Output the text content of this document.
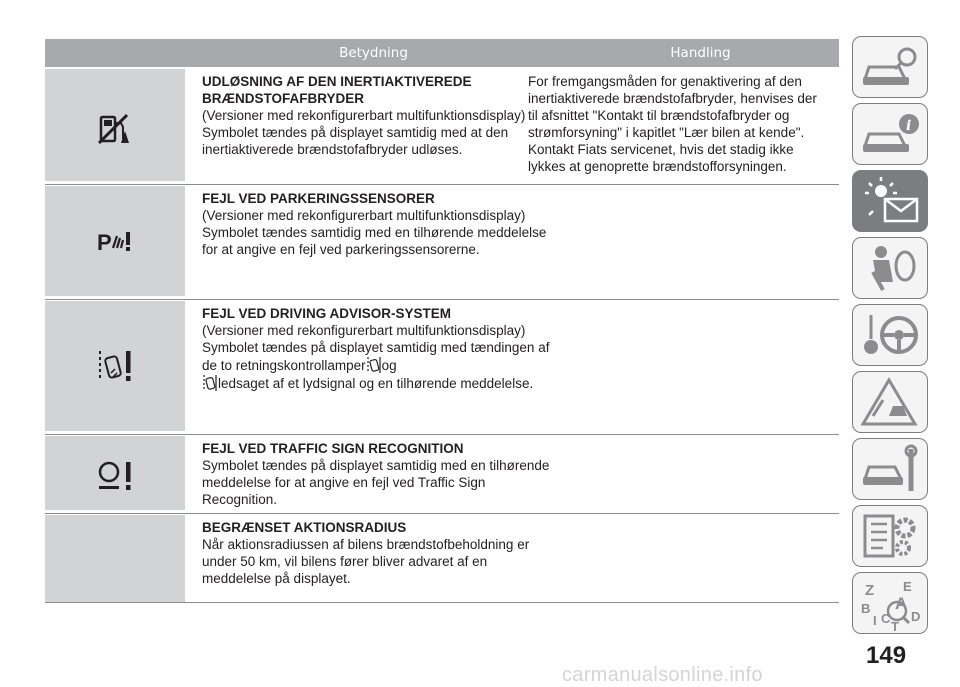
Betydning	Handling
UDLØSNING AF DEN INERTIAKTIVEREDE BRÆNDSTOFAFBRYDER
(Versioner med rekonfigurerbart multifunktionsdisplay)
Symbolet tændes på displayet samtidig med at den inertiaktiverede brændstofafbryder udløses.
For fremgangsmåden for genaktivering af den inertiaktiverede brændstofafbryder, henvises der til afsnittet "Kontakt til brændstofafbryder og strømforsyning" i kapitlet "Lær bilen at kende". Kontakt Fiats servicenet, hvis det stadig ikke lykkes at genoprette brændstofforsyningen.
P
FEJL VED PARKERINGSSENSORER
(Versioner med rekonfigurerbart multifunktionsdisplay)
Symbolet tændes samtidig med en tilhørende meddelelse for at angive en fejl ved parkeringssensorerne.
FEJL VED DRIVING ADVISOR-SYSTEM
(Versioner med rekonfigurerbart multifunktionsdisplay)
Symbolet tændes på displayet samtidig med tændingen af de to retningskontrollamper og
ledsaget af et lydsignal og en tilhørende meddelelse.
FEJL VED TRAFFIC SIGN RECOGNITION
Symbolet tændes på displayet samtidig med en tilhørende meddelelse for at angive en fejl ved Traffic Sign Recognition.
BEGRÆNSET AKTIONSRADIUS
Når aktionsradiussen af bilens brændstofbeholdning er under 50 km, vil bilens fører bliver advaret af en meddelelse på displayet.
i
Z E
B A
I C D
T
149
carmanualsonline.info
